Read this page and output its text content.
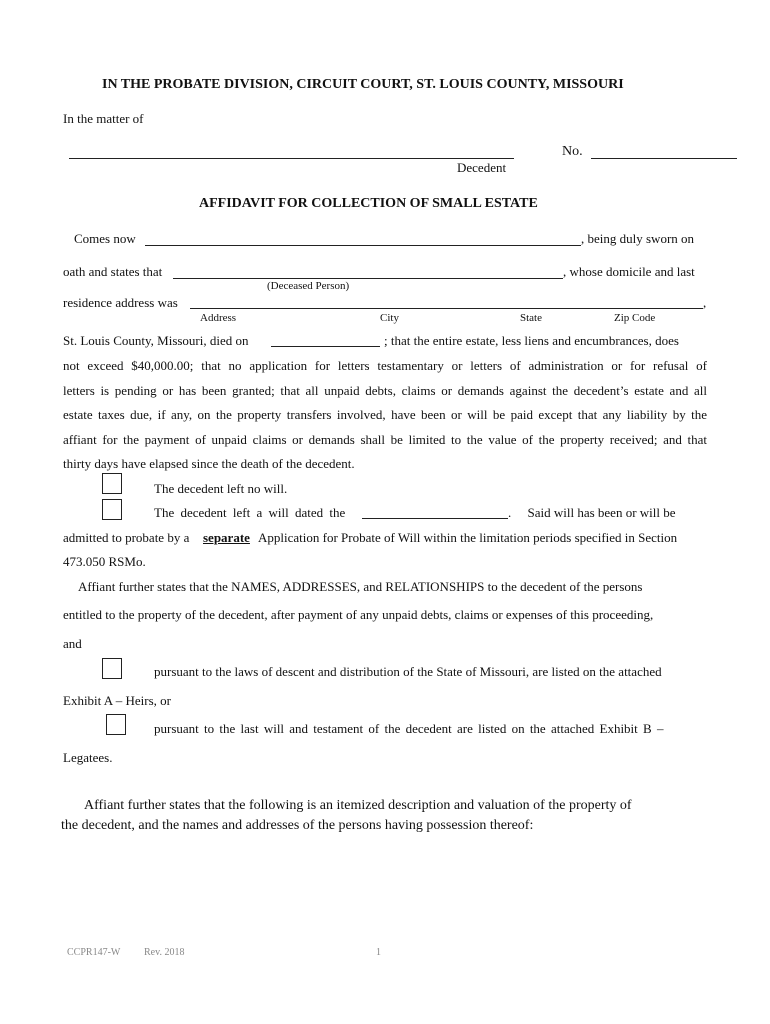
IN THE PROBATE DIVISION, CIRCUIT COURT, ST. LOUIS COUNTY, MISSOURI
In the matter of
Decedent
No.
AFFIDAVIT FOR COLLECTION OF SMALL ESTATE
Comes now	, being duly sworn on
oath and states that	, whose domicile and last
(Deceased Person)
residence address was	,
Address	City	State	Zip Code
St. Louis County, Missouri, died on	; that the entire estate, less liens and encumbrances, does
not exceed $40,000.00; that no application for letters testamentary or letters of administration or for refusal of
letters is pending or has been granted; that all unpaid debts, claims or demands against the decedent’s estate and all
estate taxes due, if any, on the property transfers involved, have been or will be paid except that any liability by the
affiant for the payment of unpaid claims or demands shall be limited to the value of the property received; and that
thirty days have elapsed since the death of the decedent.
The decedent left no will.
The decedent left a will dated the	.     Said will has been or will be
admitted to probate by a separate Application for Probate of Will within the limitation periods specified in Section
473.050 RSMo.
Affiant further states that the NAMES, ADDRESSES, and RELATIONSHIPS to the decedent of the persons
entitled to the property of the decedent, after payment of any unpaid debts, claims or expenses of this proceeding,
and
pursuant to the laws of descent and distribution of the State of Missouri, are listed on the attached
Exhibit A – Heirs, or
pursuant to the last will and testament of the decedent are listed on the attached Exhibit B –
Legatees.
Affiant further states that the following is an itemized description and valuation of the property of
the decedent, and the names and addresses of the persons having possession thereof:
CCPR147-W Rev. 2018	1
